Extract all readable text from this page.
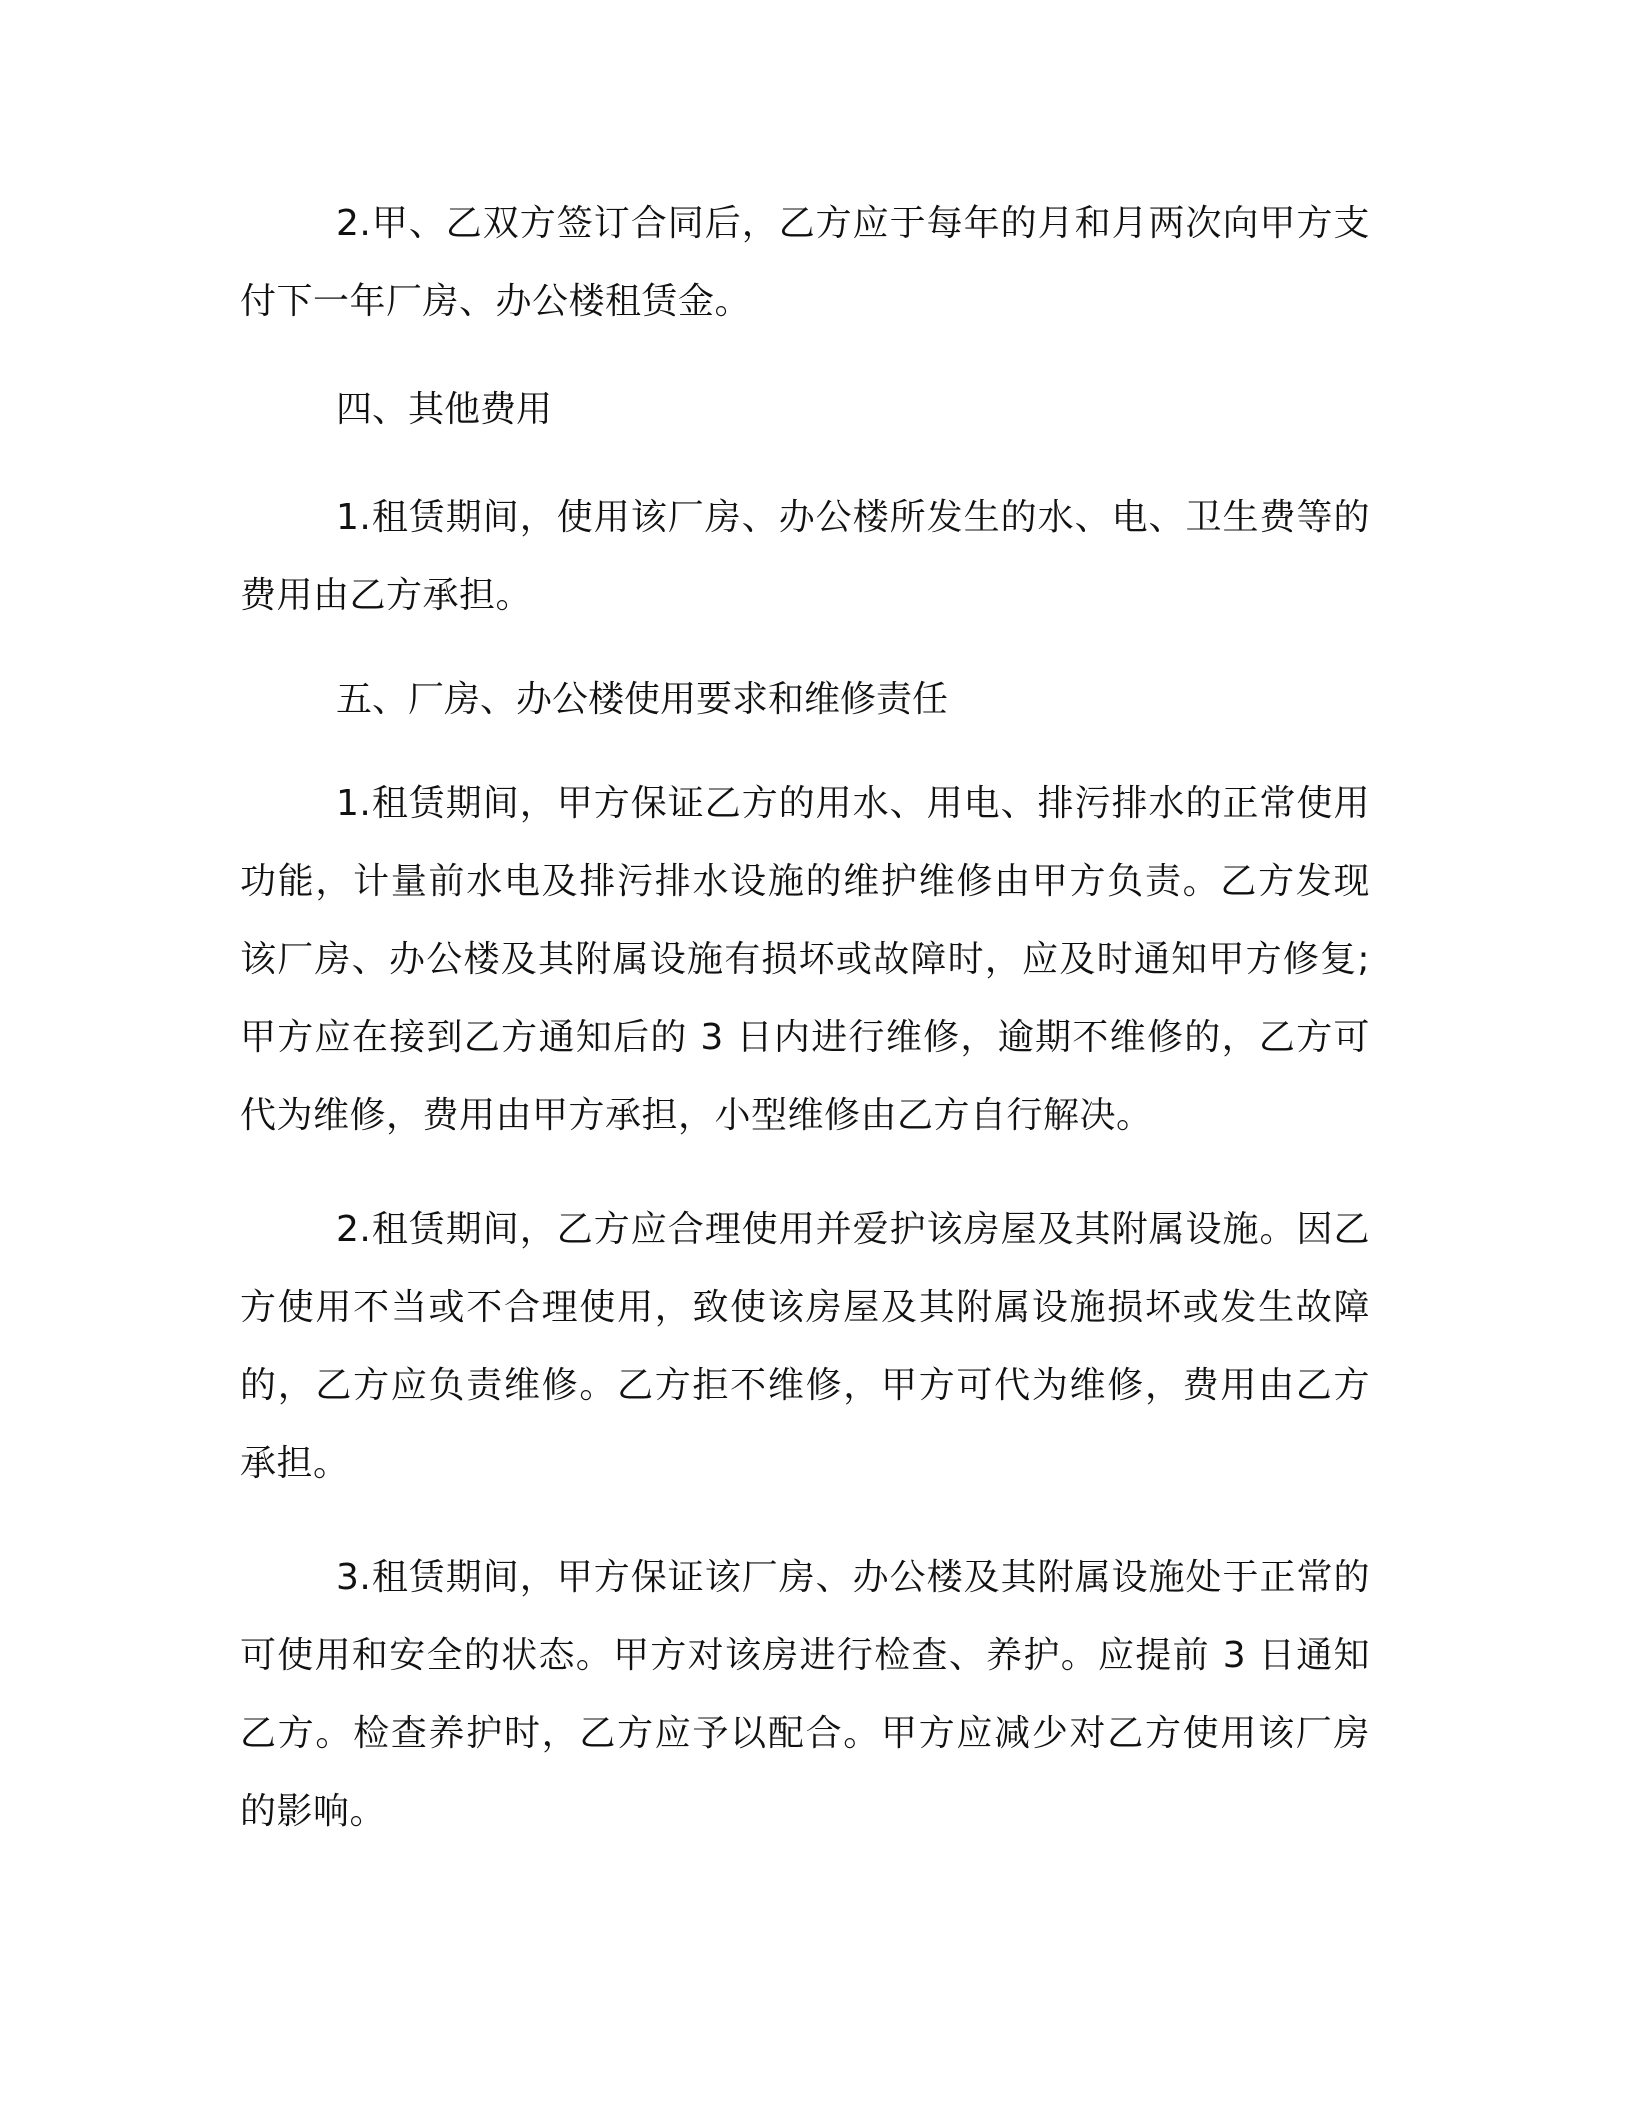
2.甲、乙双方签订合同后，乙方应于每年的月和月两次向甲方支付下一年厂房、办公楼租赁金。

四、其他费用

1.租赁期间，使用该厂房、办公楼所发生的水、电、卫生费等的费用由乙方承担。

五、厂房、办公楼使用要求和维修责任

1.租赁期间，甲方保证乙方的用水、用电、排污排水的正常使用功能，计量前水电及排污排水设施的维护维修由甲方负责。乙方发现该厂房、办公楼及其附属设施有损坏或故障时，应及时通知甲方修复;甲方应在接到乙方通知后的 3 日内进行维修，逾期不维修的，乙方可代为维修，费用由甲方承担，小型维修由乙方自行解决。

2.租赁期间，乙方应合理使用并爱护该房屋及其附属设施。因乙方使用不当或不合理使用，致使该房屋及其附属设施损坏或发生故障的，乙方应负责维修。乙方拒不维修，甲方可代为维修，费用由乙方承担。

3.租赁期间，甲方保证该厂房、办公楼及其附属设施处于正常的可使用和安全的状态。甲方对该房进行检查、养护。应提前 3 日通知乙方。检查养护时，乙方应予以配合。甲方应减少对乙方使用该厂房的影响。
